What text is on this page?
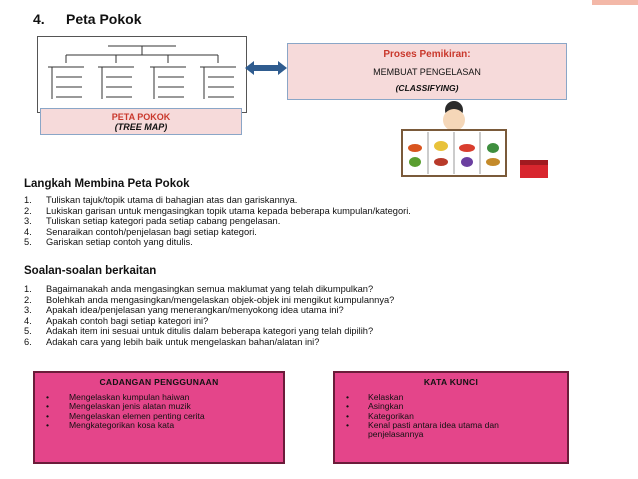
4. Peta Pokok
PETA POKOK
(TREE MAP)
Proses Pemikiran:
MEMBUAT PENGELASAN
(CLASSIFYING)
Langkah Membina Peta Pokok
1. Tuliskan tajuk/topik utama di bahagian atas dan gariskannya.
2. Lukiskan garisan untuk mengasingkan topik utama kepada beberapa kumpulan/kategori.
3. Tuliskan setiap kategori pada setiap cabang pengelasan.
4. Senaraikan contoh/penjelasan bagi setiap kategori.
5. Gariskan setiap contoh yang ditulis.
Soalan-soalan berkaitan
1. Bagaimanakah anda mengasingkan semua maklumat yang telah dikumpulkan?
2. Bolehkah anda mengasingkan/mengelaskan objek-objek ini mengikut kumpulannya?
3. Apakah idea/penjelasan yang menerangkan/menyokong idea utama ini?
4. Apakah contoh bagi setiap kategori ini?
5. Adakah item ini sesuai untuk ditulis dalam beberapa kategori yang telah dipilih?
6. Adakah cara yang lebih baik untuk mengelaskan bahan/alatan ini?
CADANGAN PENGGUNAAN
• Mengelaskan kumpulan haiwan
• Mengelaskan jenis alatan muzik
• Mengelaskan elemen penting cerita
• Mengkategorikan kosa kata
KATA KUNCI
• Kelaskan
• Asingkan
• Kategorikan
• Kenal pasti antara idea utama dan penjelasannya
